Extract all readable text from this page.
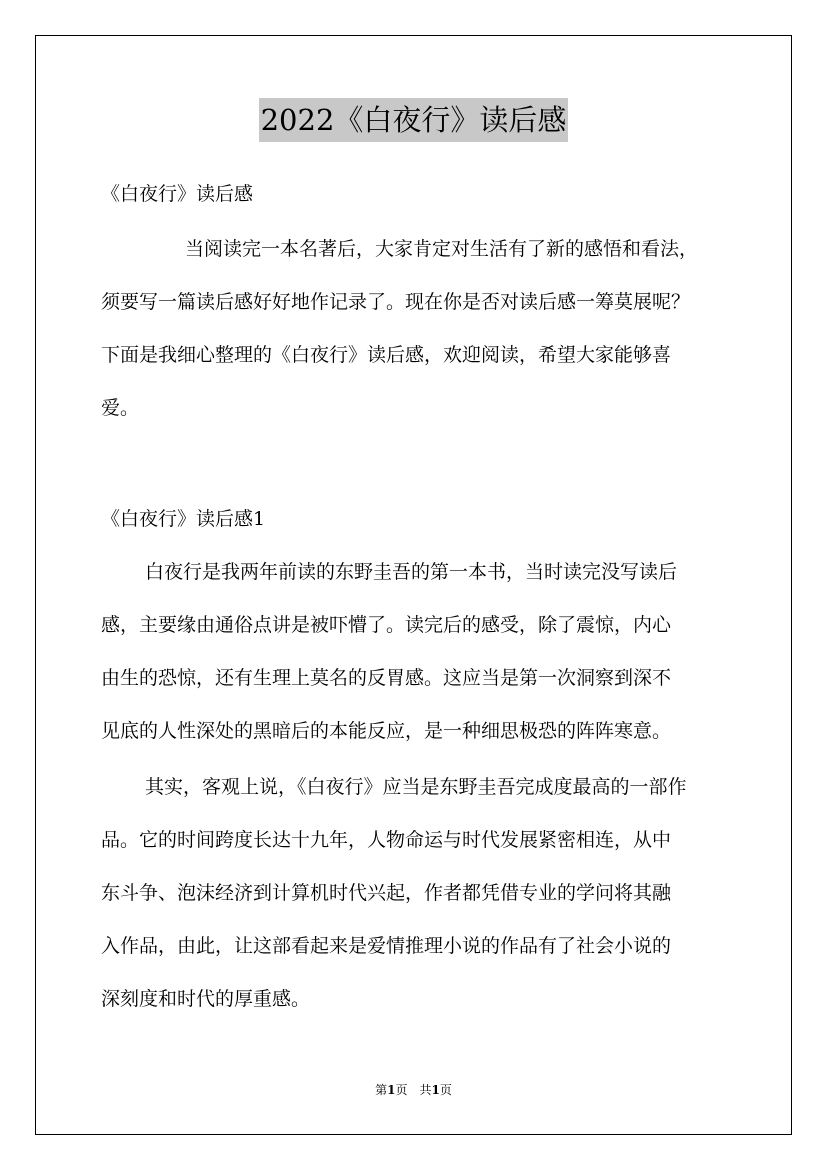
2022《白夜行》读后感
《白夜行》读后感
当阅读完一本名著后，大家肯定对生活有了新的感悟和看法，
须要写一篇读后感好好地作记录了。现在你是否对读后感一筹莫展呢？
下面是我细心整理的《白夜行》读后感，欢迎阅读，希望大家能够喜
爱。
《白夜行》读后感1
白夜行是我两年前读的东野圭吾的第一本书，当时读完没写读后
感，主要缘由通俗点讲是被吓懵了。读完后的感受，除了震惊，内心
由生的恐惊，还有生理上莫名的反胃感。这应当是第一次洞察到深不
见底的人性深处的黑暗后的本能反应，是一种细思极恐的阵阵寒意。
其实，客观上说，《白夜行》应当是东野圭吾完成度最高的一部作
品。它的时间跨度长达十九年，人物命运与时代发展紧密相连，从中
东斗争、泡沫经济到计算机时代兴起，作者都凭借专业的学问将其融
入作品，由此，让这部看起来是爱情推理小说的作品有了社会小说的
深刻度和时代的厚重感。
第1页　共1页
